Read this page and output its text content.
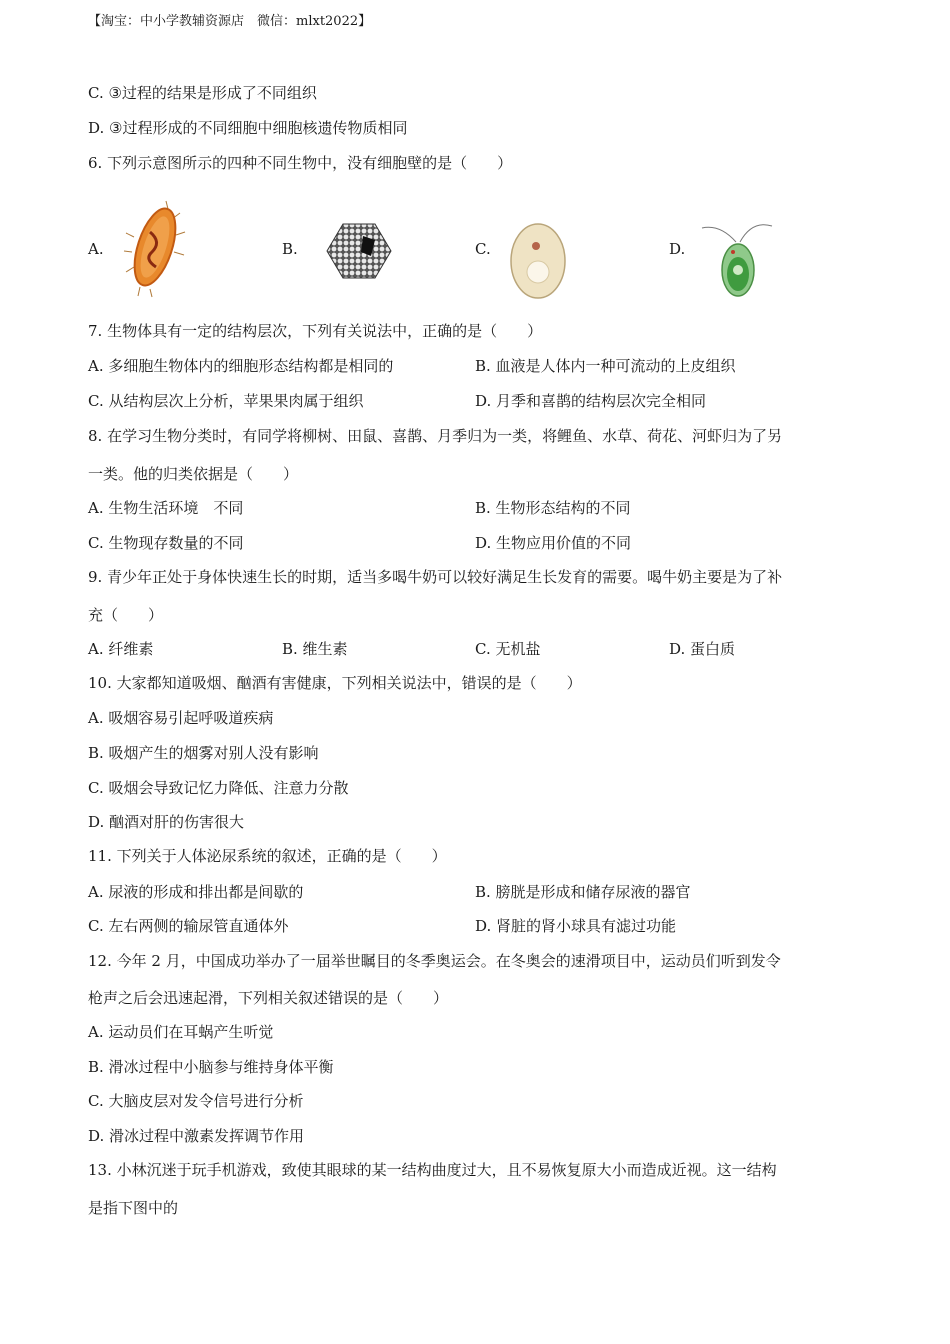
【淘宝：中小学教辅资源店　微信：mlxt2022】
C. ③过程的结果是形成了不同组织
D. ③过程形成的不同细胞中细胞核遗传物质相同
6. 下列示意图所示的四种不同生物中，没有细胞壁的是（　　）
A.	B.	C.	D.
7. 生物体具有一定的结构层次，下列有关说法中，正确的是（　　）
A. 多细胞生物体内的细胞形态结构都是相同的	B. 血液是人体内一种可流动的上皮组织
C. 从结构层次上分析，苹果果肉属于组织	D. 月季和喜鹊的结构层次完全相同
8. 在学习生物分类时，有同学将柳树、田鼠、喜鹊、月季归为一类，将鲤鱼、水草、荷花、河虾归为了另
一类。他的归类依据是（　　）
A. 生物生活环境　不同	B. 生物形态结构的不同
C. 生物现存数量的不同	D. 生物应用价值的不同
9. 青少年正处于身体快速生长的时期，适当多喝牛奶可以较好满足生长发育的需要。喝牛奶主要是为了补
充（　　）
A. 纤维素	B. 维生素	C. 无机盐	D. 蛋白质
10. 大家都知道吸烟、酗酒有害健康，下列相关说法中，错误的是（　　）
A. 吸烟容易引起呼吸道疾病
B. 吸烟产生的烟雾对别人没有影响
C. 吸烟会导致记忆力降低、注意力分散
D. 酗酒对肝的伤害很大
11. 下列关于人体泌尿系统的叙述，正确的是（　　）
A. 尿液的形成和排出都是间歇的	B. 膀胱是形成和储存尿液的器官
C. 左右两侧的输尿管直通体外	D. 肾脏的肾小球具有滤过功能
12. 今年 2 月，中国成功举办了一届举世瞩目的冬季奥运会。在冬奥会的速滑项目中，运动员们听到发令
枪声之后会迅速起滑，下列相关叙述错误的是（　　）
A. 运动员们在耳蜗产生听觉
B. 滑冰过程中小脑参与维持身体平衡
C. 大脑皮层对发令信号进行分析
D. 滑冰过程中激素发挥调节作用
13. 小林沉迷于玩手机游戏，致使其眼球的某一结构曲度过大，且不易恢复原大小而造成近视。这一结构
是指下图中的
